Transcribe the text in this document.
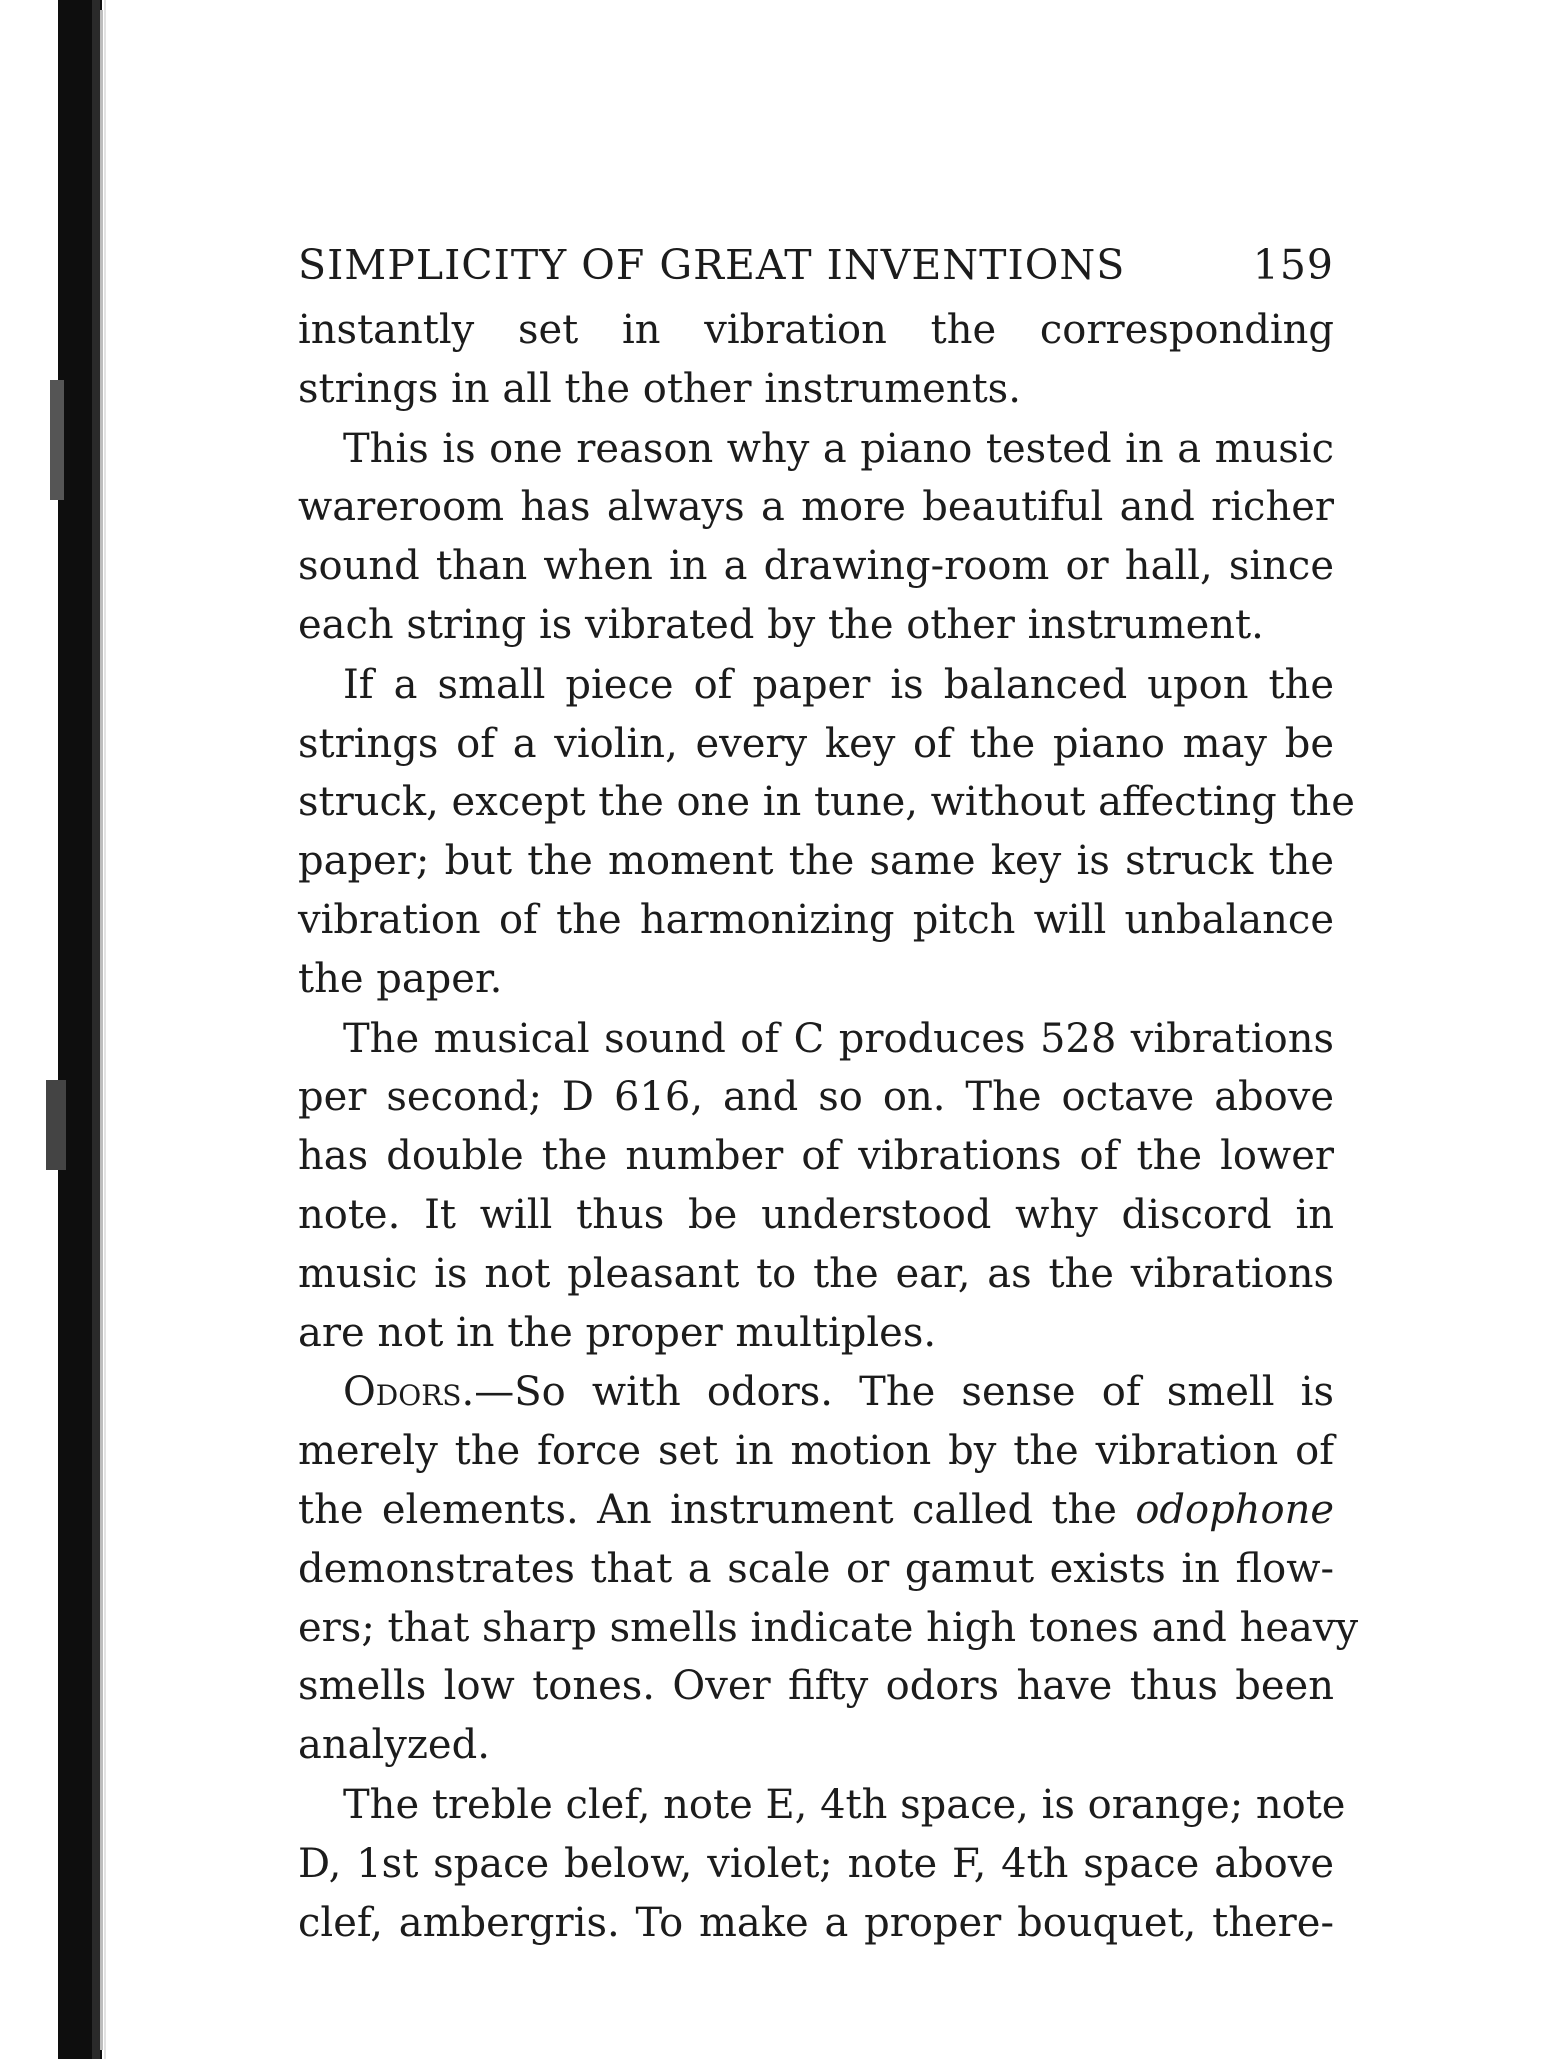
SIMPLICITY OF GREAT INVENTIONS	159
instantly set in vibration the corresponding
strings in all the other instruments.
This is one reason why a piano tested in a music
wareroom has always a more beautiful and richer
sound than when in a drawing-room or hall, since
each string is vibrated by the other instrument.
If a small piece of paper is balanced upon the
strings of a violin, every key of the piano may be
struck, except the one in tune, without affecting the
paper; but the moment the same key is struck the
vibration of the harmonizing pitch will unbalance
the paper.
The musical sound of C produces 528 vibrations
per second; D 616, and so on. The octave above
has double the number of vibrations of the lower
note. It will thus be understood why discord in
music is not pleasant to the ear, as the vibrations
are not in the proper multiples.
Odors.—So with odors. The sense of smell is
merely the force set in motion by the vibration of
the elements. An instrument called the odophone
demonstrates that a scale or gamut exists in flow-
ers; that sharp smells indicate high tones and heavy
smells low tones. Over fifty odors have thus been
analyzed.
The treble clef, note E, 4th space, is orange; note
D, 1st space below, violet; note F, 4th space above
clef, ambergris. To make a proper bouquet, there-
